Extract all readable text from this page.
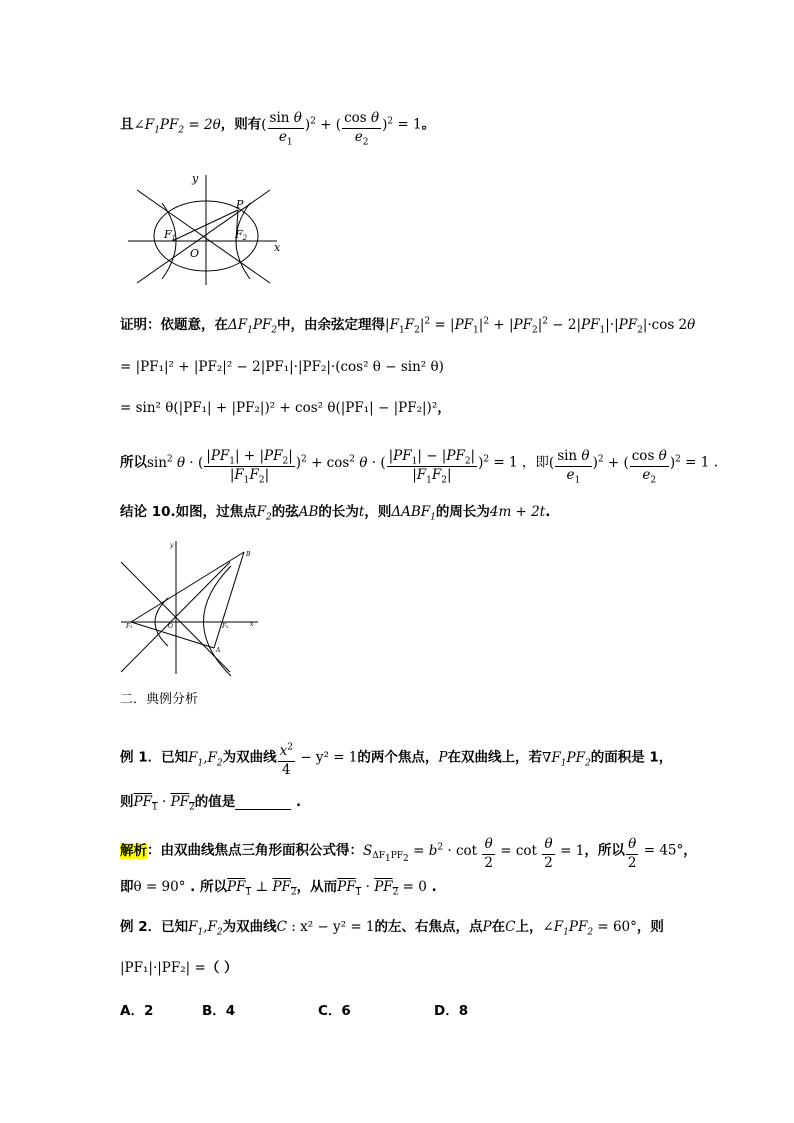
且$\angle F_1PF_2 = 2\theta$，则有( $\frac{\text{sin θ}}{e_1} )^2$ + ( $\frac{\text{cos θ}}{e_2} )^2 = 1$。
y
x
P
F1	F2
O
证明：依题意，在$\Delta F_1PF_2$中，由余弦定理得$|F_1F_2|^2 = |PF_1|^2 + |PF_2|^2 - 2|PF_1|\cdot|PF_2|\cdot\cos$ 2θ
= |PF₁|² + |PF₂|² − 2|PF₁|·|PF₂|·(cos² θ − sin² θ)
= sin² θ(|PF₁| + |PF₂|)² + cos² θ(|PF₁| − |PF₂|)²，
所以$\sin^2 \theta$ · ( $\frac{|PF_1| + |PF_2|}{|F_1F_2|} )^2 + \cos^2 \theta$ · ( $\frac{|PF_1| - |PF_2|}{|F_1F_2|} )^2 = 1$ ，即( $\frac{\text{sin θ}}{e_1} )^2$ + ( $\frac{\text{cos θ}}{e_2} )^2 = 1$ .
结论 10.如图，过焦点$F_2$的弦AB的长为t，则$\Delta ABF_1$的周长为4m + 2t.
y
x
B
A
O
F₁	F₂
二．典例分析
例 1．已知$F_1,F_2$为双曲线 $\frac{x^2}{4} - y^2 = 1$的两个焦点，P在双曲线上，若$\nabla F_1PF_2$的面积是 1，
则$PF_1 \cdot PF_2$的值是	.
解析：由双曲线焦点三角形面积公式得：$S_{\Delta F_1PF_2} = b^2 \cdot \cot \frac{\theta}{2} = \cot \frac{\theta}{2} = 1$，所以 $\frac{\theta}{2} = 45^\circ$，
即θ = 90° . 所以$PF_1$ ⊥ $PF_2$，从而$PF_1 \cdot PF_2 = 0$ .
例 2．已知$F_1,F_2$为双曲线C : x² − y² = 1的左、右焦点，点P在C上，$\angle F_1PF_2 = 60^\circ$，则
|PF₁|·|PF₂| =（ ）
A．2	B．4	C．6	D．8
